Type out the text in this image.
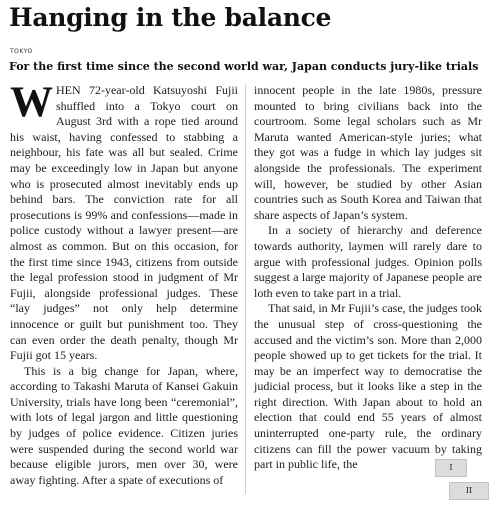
Hanging in the balance
TOKYO
For the first time since the second world war, Japan conducts jury-like trials

WHEN 72-year-old Katsuyoshi Fujii shuffled into a Tokyo court on August 3rd with a rope tied around his waist, having confessed to stabbing a neighbour, his fate was all but sealed. Crime may be exceedingly low in Japan but anyone who is prosecuted almost inevitably ends up behind bars. The conviction rate for all prosecutions is 99% and confessions—made in police custody without a lawyer present—are almost as common. But on this occasion, for the first time since 1943, citizens from outside the legal profession stood in judgment of Mr Fujii, alongside professional judges. These “lay judges” not only help determine innocence or guilt but punishment too. They can even order the death penalty, though Mr Fujii got 15 years.

This is a big change for Japan, where, according to Takashi Maruta of Kansei Gakuin University, trials have long been “ceremonial”, with lots of legal jargon and little questioning by judges of police evidence. Citizen juries were suspended during the second world war because eligible jurors, men over 30, were away fighting. After a spate of executions of

innocent people in the late 1980s, pressure mounted to bring civilians back into the courtroom. Some legal scholars such as Mr Maruta wanted American-style juries; what they got was a fudge in which lay judges sit alongside the professionals. The experiment will, however, be studied by other Asian countries such as South Korea and Taiwan that share aspects of Japan’s system.

In a society of hierarchy and deference towards authority, laymen will rarely dare to argue with professional judges. Opinion polls suggest a large majority of Japanese people are loth even to take part in a trial.

That said, in Mr Fujii’s case, the judges took the unusual step of cross-questioning the accused and the victim’s son. More than 2,000 people showed up to get tickets for the trial. It may be an imperfect way to democratise the judicial process, but it looks like a step in the right direction. With Japan about to hold an election that could end 55 years of almost uninterrupted one-party rule, the ordinary citizens can fill the power vacuum by taking part in public life, the	I
II
